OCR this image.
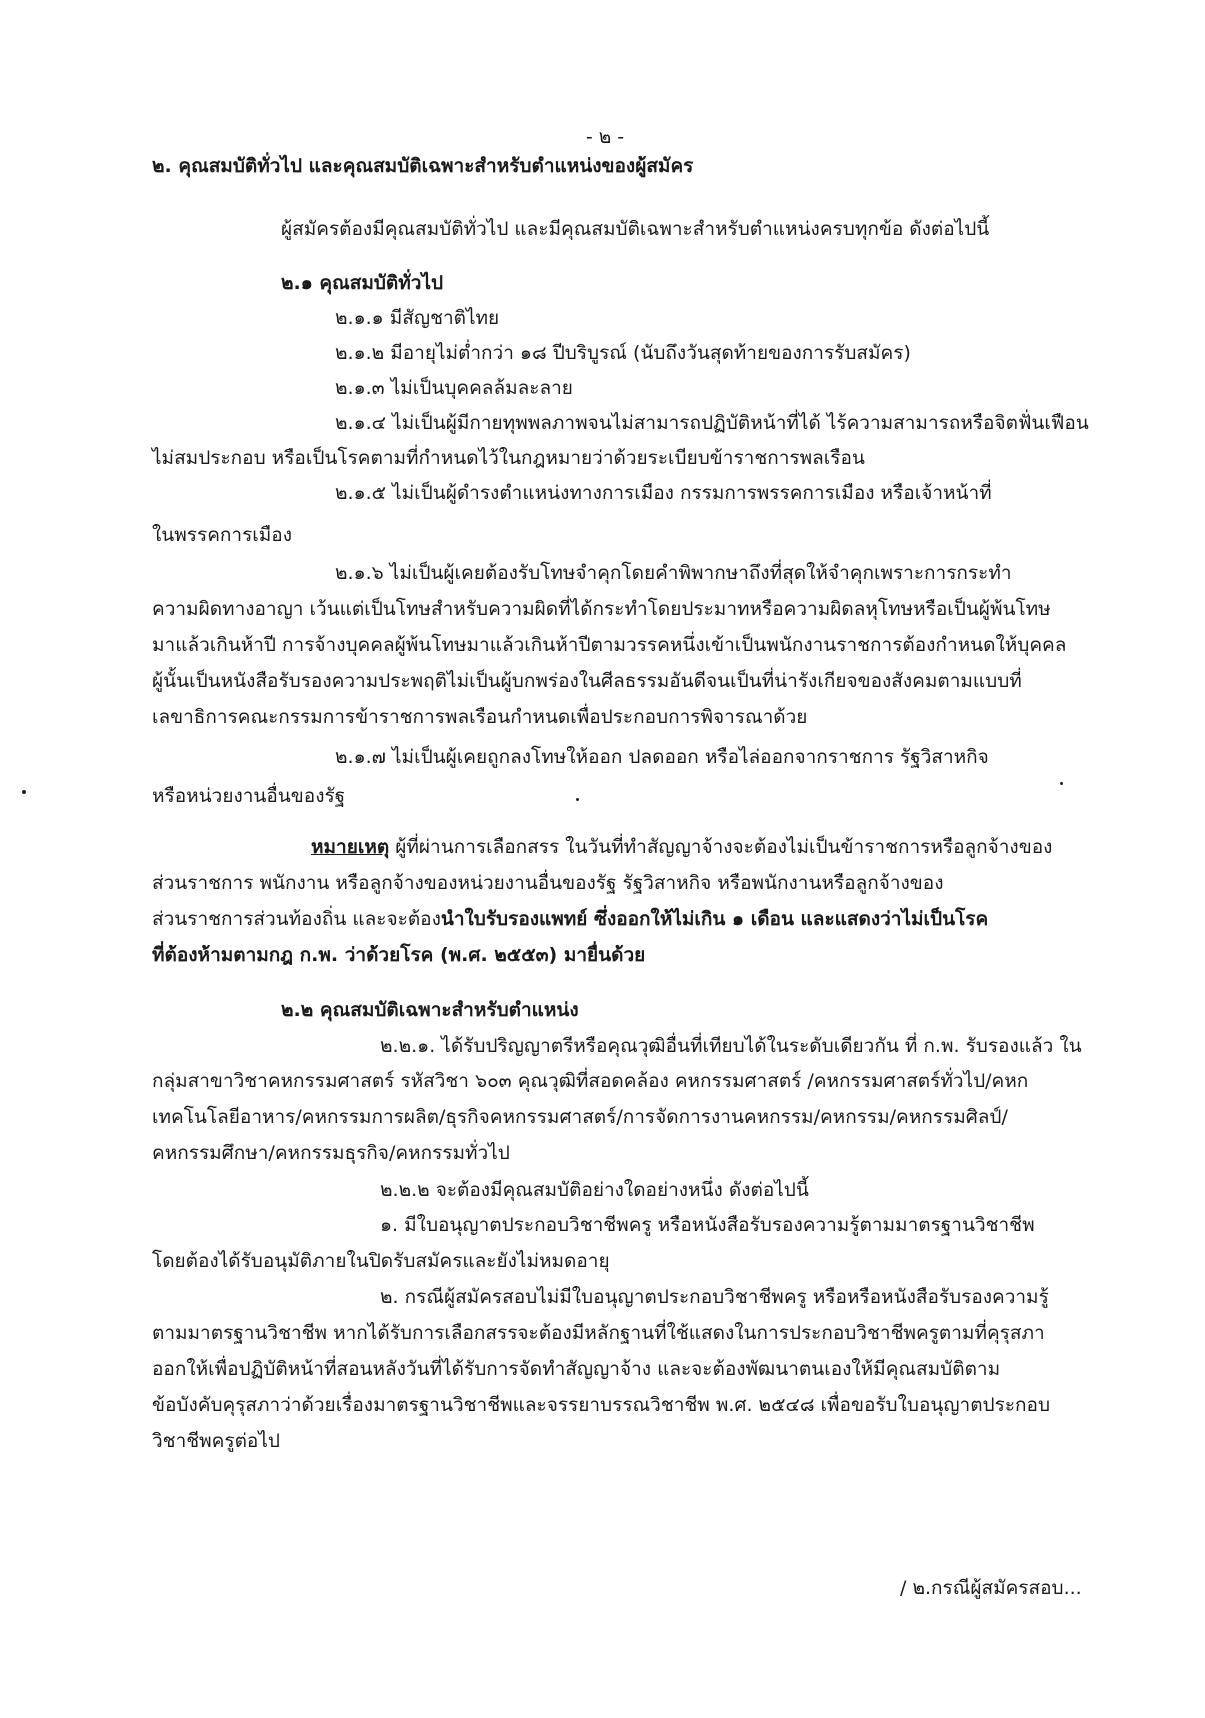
- ๒ -
๒. คุณสมบัติทั่วไป และคุณสมบัติเฉพาะสำหรับตำแหน่งของผู้สมัคร
ผู้สมัครต้องมีคุณสมบัติทั่วไป และมีคุณสมบัติเฉพาะสำหรับตำแหน่งครบทุกข้อ ดังต่อไปนี้
๒.๑ คุณสมบัติทั่วไป
๒.๑.๑ มีสัญชาติไทย
๒.๑.๒ มีอายุไม่ต่ำกว่า ๑๘ ปีบริบูรณ์ (นับถึงวันสุดท้ายของการรับสมัคร)
๒.๑.๓ ไม่เป็นบุคคลล้มละลาย
๒.๑.๔ ไม่เป็นผู้มีกายทุพพลภาพจนไม่สามารถปฏิบัติหน้าที่ได้ ไร้ความสามารถหรือจิตฟั่นเฟือน
ไม่สมประกอบ หรือเป็นโรคตามที่กำหนดไว้ในกฎหมายว่าด้วยระเบียบข้าราชการพลเรือน
๒.๑.๕ ไม่เป็นผู้ดำรงตำแหน่งทางการเมือง กรรมการพรรคการเมือง หรือเจ้าหน้าที่
ในพรรคการเมือง
๒.๑.๖ ไม่เป็นผู้เคยต้องรับโทษจำคุกโดยคำพิพากษาถึงที่สุดให้จำคุกเพราะการกระทำ
ความผิดทางอาญา เว้นแต่เป็นโทษสำหรับความผิดที่ได้กระทำโดยประมาทหรือความผิดลหุโทษหรือเป็นผู้พ้นโทษ
มาแล้วเกินห้าปี การจ้างบุคคลผู้พ้นโทษมาแล้วเกินห้าปีตามวรรคหนึ่งเข้าเป็นพนักงานราชการต้องกำหนดให้บุคคล
ผู้นั้นเป็นหนังสือรับรองความประพฤติไม่เป็นผู้บกพร่องในศีลธรรมอันดีจนเป็นที่น่ารังเกียจของสังคมตามแบบที่
เลขาธิการคณะกรรมการข้าราชการพลเรือนกำหนดเพื่อประกอบการพิจารณาด้วย
๒.๑.๗ ไม่เป็นผู้เคยถูกลงโทษให้ออก ปลดออก หรือไล่ออกจากราชการ รัฐวิสาหกิจ
หรือหน่วยงานอื่นของรัฐ
หมายเหตุ ผู้ที่ผ่านการเลือกสรร ในวันที่ทำสัญญาจ้างจะต้องไม่เป็นข้าราชการหรือลูกจ้างของ
ส่วนราชการ พนักงาน หรือลูกจ้างของหน่วยงานอื่นของรัฐ รัฐวิสาหกิจ หรือพนักงานหรือลูกจ้างของ
ส่วนราชการส่วนท้องถิ่น และจะต้องนำใบรับรองแพทย์ ซึ่งออกให้ไม่เกิน ๑ เดือน และแสดงว่าไม่เป็นโรค
ที่ต้องห้ามตามกฎ ก.พ. ว่าด้วยโรค (พ.ศ. ๒๕๕๓) มายื่นด้วย
๒.๒ คุณสมบัติเฉพาะสำหรับตำแหน่ง
๒.๒.๑. ได้รับปริญญาตรีหรือคุณวุฒิอื่นที่เทียบได้ในระดับเดียวกัน ที่ ก.พ. รับรองแล้ว ใน
กลุ่มสาขาวิชาคหกรรมศาสตร์ รหัสวิชา ๖๐๓ คุณวุฒิที่สอดคล้อง คหกรรมศาสตร์ /คหกรรมศาสตร์ทั่วไป/คหก
เทคโนโลยีอาหาร/คหกรรมการผลิต/ธุรกิจคหกรรมศาสตร์/การจัดการงานคหกรรม/คหกรรม/คหกรรมศิลป์/
คหกรรมศึกษา/คหกรรมธุรกิจ/คหกรรมทั่วไป
๒.๒.๒ จะต้องมีคุณสมบัติอย่างใดอย่างหนึ่ง ดังต่อไปนี้
๑. มีใบอนุญาตประกอบวิชาชีพครู หรือหนังสือรับรองความรู้ตามมาตรฐานวิชาชีพ
โดยต้องได้รับอนุมัติภายในปิดรับสมัครและยังไม่หมดอายุ
๒. กรณีผู้สมัครสอบไม่มีใบอนุญาตประกอบวิชาชีพครู หรือหรือหนังสือรับรองความรู้
ตามมาตรฐานวิชาชีพ หากได้รับการเลือกสรรจะต้องมีหลักฐานที่ใช้แสดงในการประกอบวิชาชีพครูตามที่คุรุสภา
ออกให้เพื่อปฏิบัติหน้าที่สอนหลังวันที่ได้รับการจัดทำสัญญาจ้าง และจะต้องพัฒนาตนเองให้มีคุณสมบัติตาม
ข้อบังคับคุรุสภาว่าด้วยเรื่องมาตรฐานวิชาชีพและจรรยาบรรณวิชาชีพ พ.ศ. ๒๕๔๘ เพื่อขอรับใบอนุญาตประกอบ
วิชาชีพครูต่อไป
/ ๒.กรณีผู้สมัครสอบ...
